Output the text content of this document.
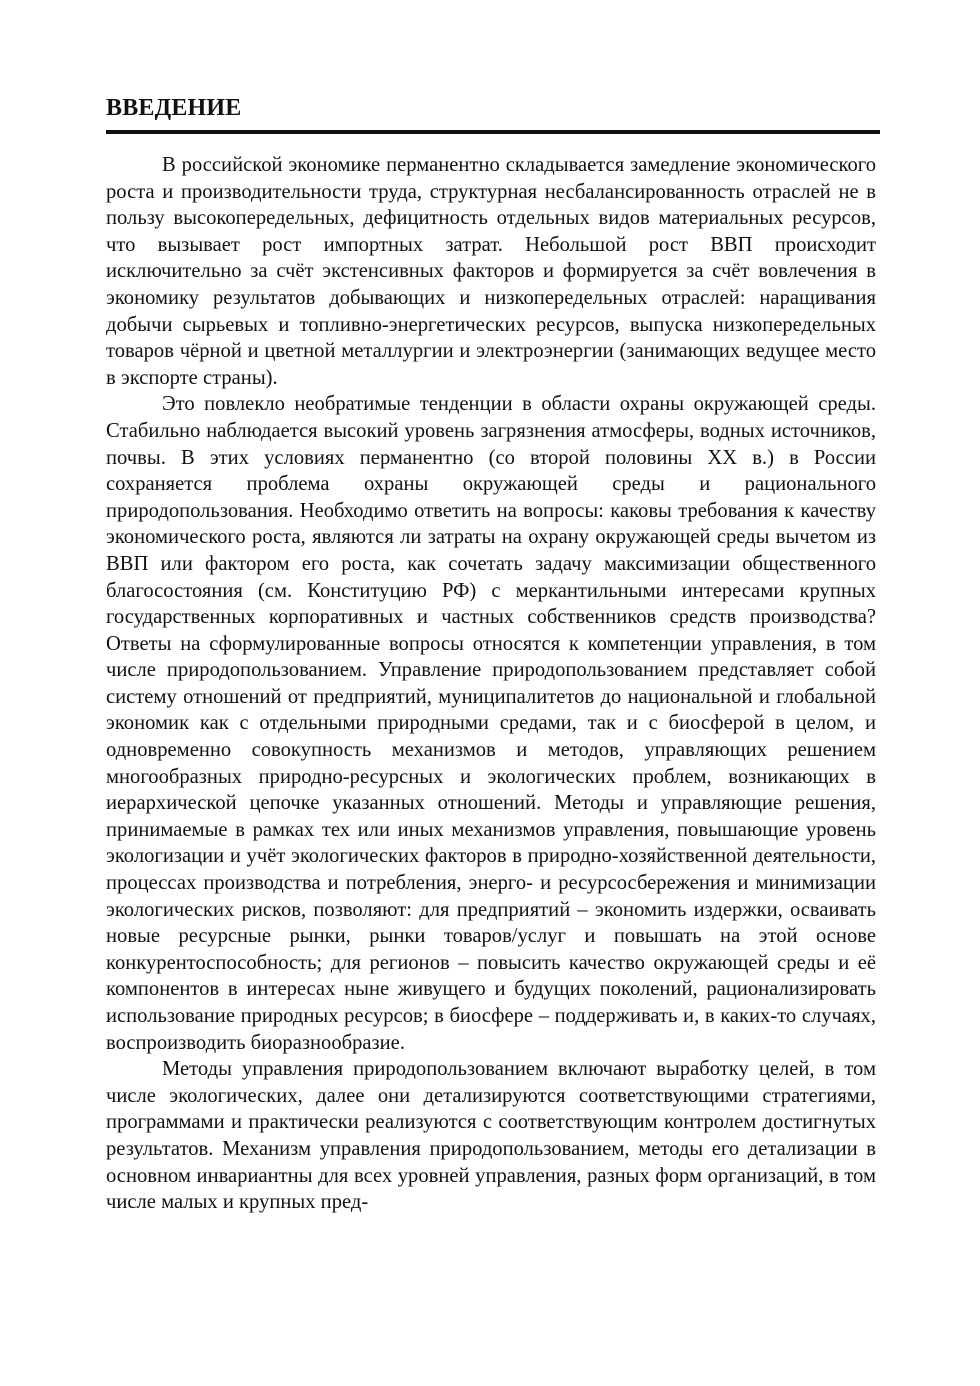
ВВЕДЕНИЕ

В российской экономике перманентно складывается замедление экономического роста и производительности труда, структурная несбалансированность отраслей не в пользу высокопередельных, дефицитность отдельных видов материальных ресурсов, что вызывает рост импортных затрат. Небольшой рост ВВП происходит исключительно за счёт экстенсивных факторов и формируется за счёт вовлечения в экономику результатов добывающих и низкопередельных отраслей: наращивания добычи сырьевых и топливно-энергетических ресурсов, выпуска низкопередельных товаров чёрной и цветной металлургии и электроэнергии (занимающих ведущее место в экспорте страны).

Это повлекло необратимые тенденции в области охраны окружающей среды. Стабильно наблюдается высокий уровень загрязнения атмосферы, водных источников, почвы. В этих условиях перманентно (со второй половины XX в.) в России сохраняется проблема охраны окружающей среды и рационального природопользования. Необходимо ответить на вопросы: каковы требования к качеству экономического роста, являются ли затраты на охрану окружающей среды вычетом из ВВП или фактором его роста, как сочетать задачу максимизации общественного благосостояния (см. Конституцию РФ) с меркантильными интересами крупных государственных корпоративных и частных собственников средств производства? Ответы на сформулированные вопросы относятся к компетенции управления, в том числе природопользованием. Управление природопользованием представляет собой систему отношений от предприятий, муниципалитетов до национальной и глобальной экономик как с отдельными природными средами, так и с биосферой в целом, и одновременно совокупность механизмов и методов, управляющих решением многообразных природно-ресурсных и экологических проблем, возникающих в иерархической цепочке указанных отношений. Методы и управляющие решения, принимаемые в рамках тех или иных механизмов управления, повышающие уровень экологизации и учёт экологических факторов в природно-хозяйственной деятельности, процессах производства и потребления, энерго- и ресурсосбережения и минимизации экологических рисков, позволяют: для предприятий – экономить издержки, осваивать новые ресурсные рынки, рынки товаров/услуг и повышать на этой основе конкурентоспособность; для регионов – повысить качество окружающей среды и её компонентов в интересах ныне живущего и будущих поколений, рационализировать использование природных ресурсов; в биосфере – поддерживать и, в каких-то случаях, воспроизводить биоразнообразие.

Методы управления природопользованием включают выработку целей, в том числе экологических, далее они детализируются соответствующими стратегиями, программами и практически реализуются с соответствующим контролем достигнутых результатов. Механизм управления природопользованием, методы его детализации в основном инвариантны для всех уровней управления, разных форм организаций, в том числе малых и крупных пред-
